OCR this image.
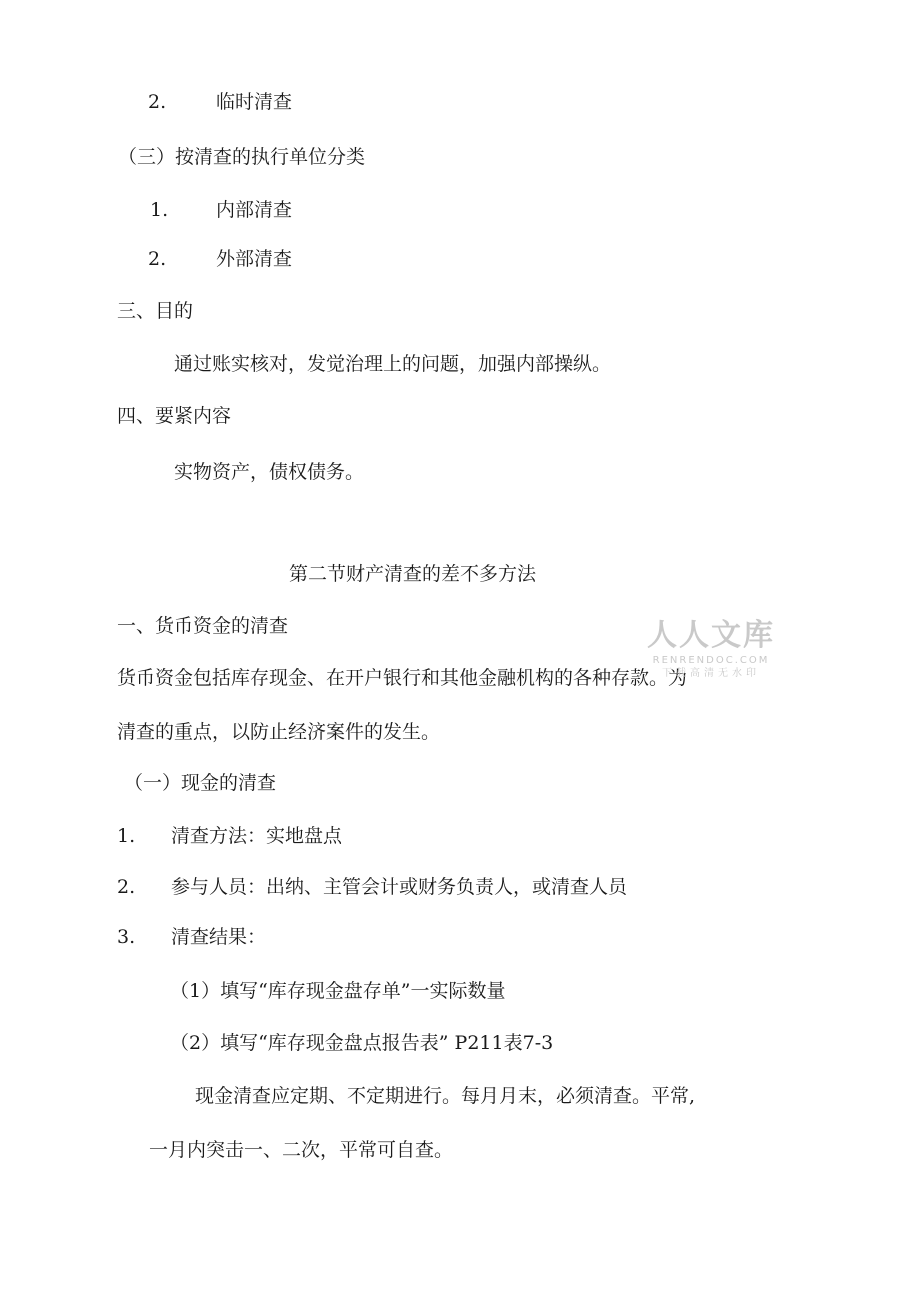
2.	临时清查
（三）按清查的执行单位分类
1.	内部清查
2.	外部清查
三、目的
通过账实核对，发觉治理上的问题，加强内部操纵。
四、要紧内容
实物资产，债权债务。
第二节财产清查的差不多方法
一、货币资金的清查
货币资金包括库存现金、在开户银行和其他金融机构的各种存款。为
清查的重点，以防止经济案件的发生。
（一）现金的清查
1. 清查方法：实地盘点
2. 参与人员：出纳、主管会计或财务负责人，或清查人员
3. 清查结果：
（1）填写“库存现金盘存单”一实际数量
（2）填写“库存现金盘点报告表” P211表7-3
现金清查应定期、不定期进行。每月月末，必须清查。平常,
一月内突击一、二次，平常可自查。
人人文库
RENRENDOC.COM
下载高清无水印
